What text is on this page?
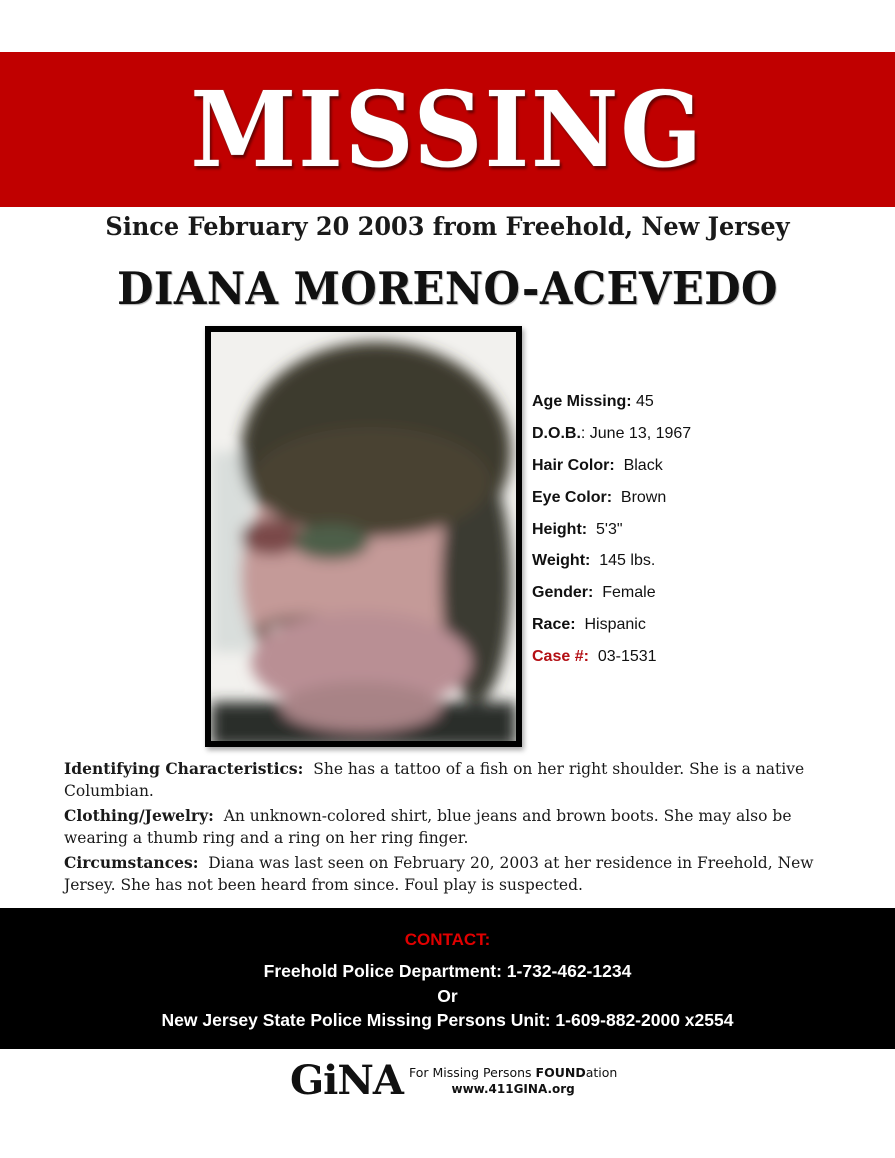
MISSING
Since February 20 2003 from Freehold, New Jersey
DIANA MORENO-ACEVEDO
Age Missing: 45
D.O.B.: June 13, 1967
Hair Color:  Black
Eye Color:  Brown
Height:  5'3"
Weight:  145 lbs.
Gender:  Female
Race:  Hispanic
Case #:  03-1531

Identifying Characteristics:  She has a tattoo of a fish on her right shoulder. She is a native Columbian.

Clothing/Jewelry:  An unknown-colored shirt, blue jeans and brown boots. She may also be wearing a thumb ring and a ring on her ring finger.

Circumstances:  Diana was last seen on February 20, 2003 at her residence in Freehold, New Jersey. She has not been heard from since. Foul play is suspected.

CONTACT:
Freehold Police Department: 1-732-462-1234
Or
New Jersey State Police Missing Persons Unit: 1-609-882-2000 x2554
GiNA For Missing Persons FOUNDation
www.411GINA.org
